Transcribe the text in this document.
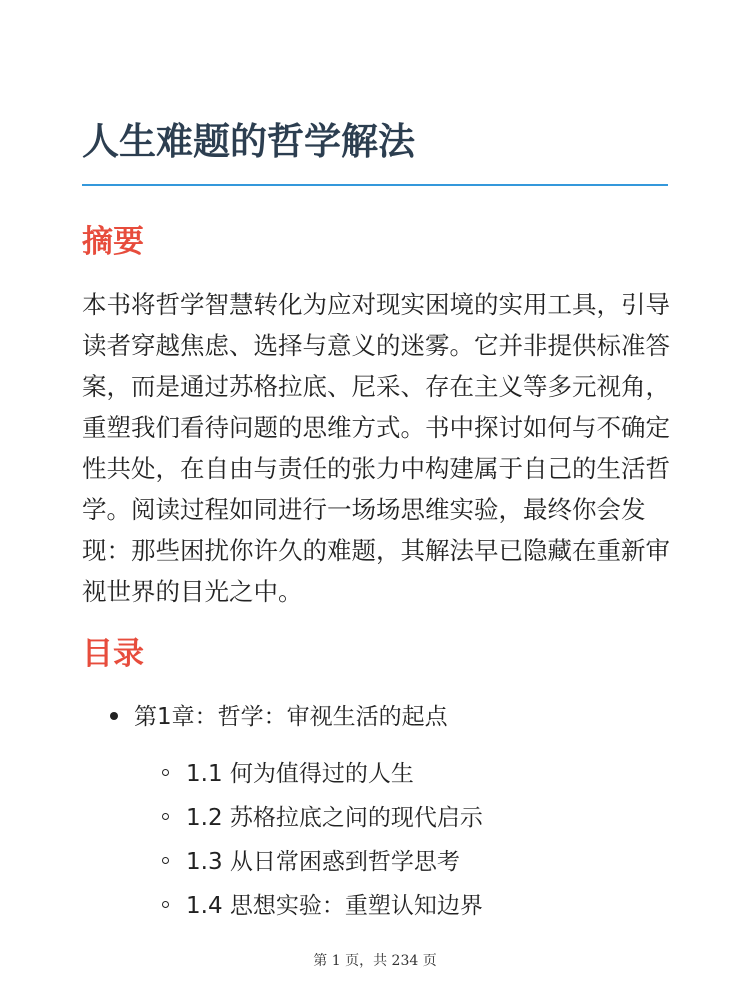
人生难题的哲学解法
摘要

本书将哲学智慧转化为应对现实困境的实用工具，引导读者穿越焦虑、选择与意义的迷雾。它并非提供标准答案，而是通过苏格拉底、尼采、存在主义等多元视角，重塑我们看待问题的思维方式。书中探讨如何与不确定性共处，在自由与责任的张力中构建属于自己的生活哲学。阅读过程如同进行一场场思维实验，最终你会发现：那些困扰你许久的难题，其解法早已隐藏在重新审视世界的目光之中。

目录
第1章：哲学：审视生活的起点
1.1 何为值得过的人生
1.2 苏格拉底之问的现代启示
1.3 从日常困惑到哲学思考
1.4 思想实验：重塑认知边界
第 1 页，共 234 页
